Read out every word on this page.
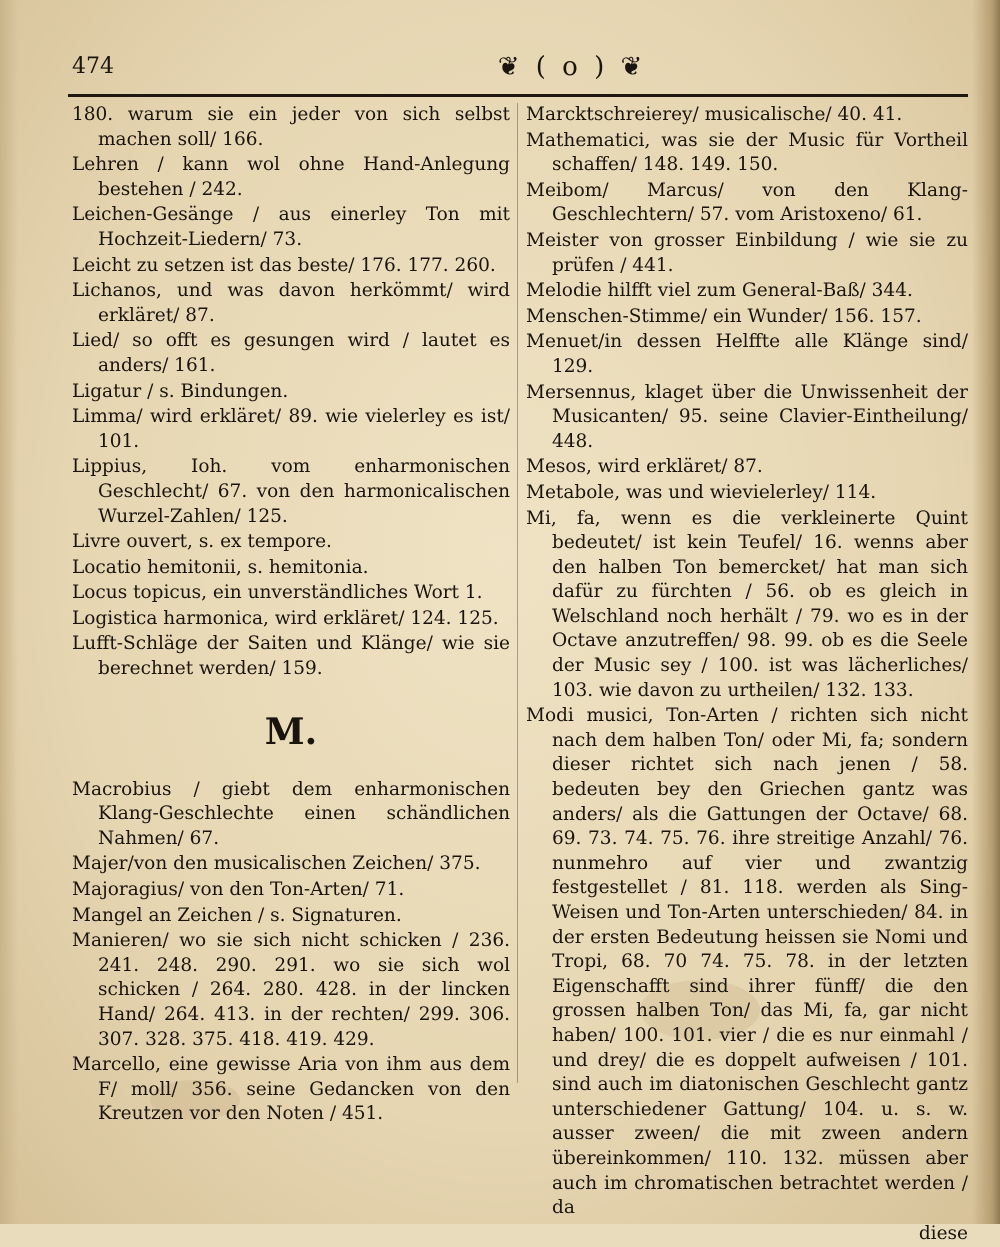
474	❦ ( o ) ❦

180. warum sie ein jeder von sich selbst machen soll/ 166.

Lehren / kann wol ohne Hand-Anlegung bestehen / 242.

Leichen-Gesänge / aus einerley Ton mit Hochzeit-Liedern/ 73.

Leicht zu setzen ist das beste/ 176. 177. 260.

Lichanos, und was davon herkömmt/ wird erkläret/ 87.

Lied/ so offt es gesungen wird / lautet es anders/ 161.

Ligatur / s. Bindungen.

Limma/ wird erkläret/ 89. wie vielerley es ist/ 101.

Lippius, Ioh. vom enharmonischen Geschlecht/ 67. von den harmonicalischen Wurzel-Zahlen/ 125.

Livre ouvert, s. ex tempore.

Locatio hemitonii, s. hemitonia.

Locus topicus, ein unverständliches Wort 1.

Logistica harmonica, wird erkläret/ 124. 125.

Lufft-Schläge der Saiten und Klänge/ wie sie berechnet werden/ 159.

M.

Macrobius / giebt dem enharmonischen Klang-Geschlechte einen schändlichen Nahmen/ 67.

Majer/von den musicalischen Zeichen/ 375.

Majoragius/ von den Ton-Arten/ 71.

Mangel an Zeichen / s. Signaturen.

Manieren/ wo sie sich nicht schicken / 236. 241. 248. 290. 291. wo sie sich wol schicken / 264. 280. 428. in der lincken Hand/ 264. 413. in der rechten/ 299. 306. 307. 328. 375. 418. 419. 429.

Marcello, eine gewisse Aria von ihm aus dem F/ moll/ 356. seine Gedancken von den Kreutzen vor den Noten / 451.

Marcktschreierey/ musicalische/ 40. 41.

Mathematici, was sie der Music für Vortheil schaffen/ 148. 149. 150.

Meibom/ Marcus/ von den Klang-Geschlechtern/ 57. vom Aristoxeno/ 61.

Meister von grosser Einbildung / wie sie zu prüfen / 441.

Melodie hilfft viel zum General-Baß/ 344.

Menschen-Stimme/ ein Wunder/ 156. 157.

Menuet/in dessen Helffte alle Klänge sind/ 129.

Mersennus, klaget über die Unwissenheit der Musicanten/ 95. seine Clavier-Eintheilung/ 448.

Mesos, wird erkläret/ 87.

Metabole, was und wievielerley/ 114.

Mi, fa, wenn es die verkleinerte Quint bedeutet/ ist kein Teufel/ 16. wenns aber den halben Ton bemercket/ hat man sich dafür zu fürchten / 56. ob es gleich in Welschland noch herhält / 79. wo es in der Octave anzutreffen/ 98. 99. ob es die Seele der Music sey / 100. ist was lächerliches/ 103. wie davon zu urtheilen/ 132. 133.

Modi musici, Ton-Arten / richten sich nicht nach dem halben Ton/ oder Mi, fa; sondern dieser richtet sich nach jenen / 58. bedeuten bey den Griechen gantz was anders/ als die Gattungen der Octave/ 68. 69. 73. 74. 75. 76. ihre streitige Anzahl/ 76. nunmehro auf vier und zwantzig festgestellet / 81. 118. werden als Sing-Weisen und Ton-Arten unterschieden/ 84. in der ersten Bedeutung heissen sie Nomi und Tropi, 68. 70 74. 75. 78. in der letzten Eigenschafft sind ihrer fünff/ die den grossen halben Ton/ das Mi, fa, gar nicht haben/ 100. 101. vier / die es nur einmahl / und drey/ die es doppelt aufweisen / 101. sind auch im diatonischen Geschlecht gantz unterschiedener Gattung/ 104. u. s. w. ausser zween/ die mit zween andern übereinkommen/ 110. 132. müssen aber auch im chromatischen betrachtet werden / da

diese
